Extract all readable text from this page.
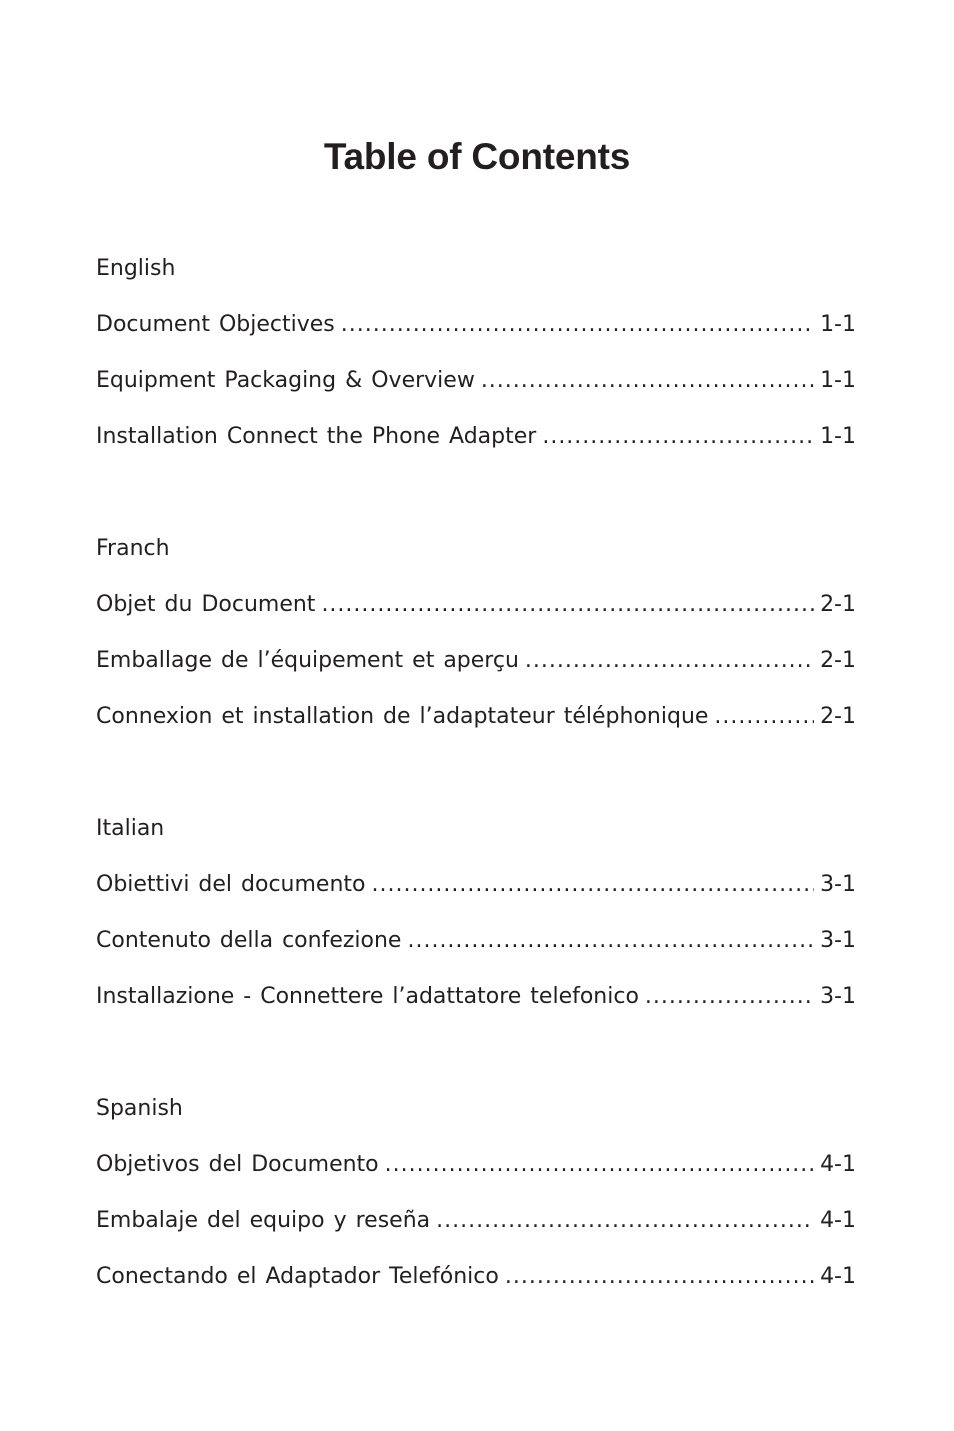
Table of Contents
English
Document Objectives .....	1-1
Equipment Packaging & Overview .....	1-1
Installation Connect the Phone Adapter .....	1-1
Franch
Objet du Document .....	2-1
Emballage de l’équipement et aperçu .....	2-1
Connexion et installation de l’adaptateur téléphonique .....	2-1
Italian
Obiettivi del documento .....	3-1
Contenuto della confezione .....	3-1
Installazione - Connettere l’adattatore telefonico .....	3-1
Spanish
Objetivos del Documento .....	4-1
Embalaje del equipo y reseña .....	4-1
Conectando el Adaptador Telefónico .....	4-1
